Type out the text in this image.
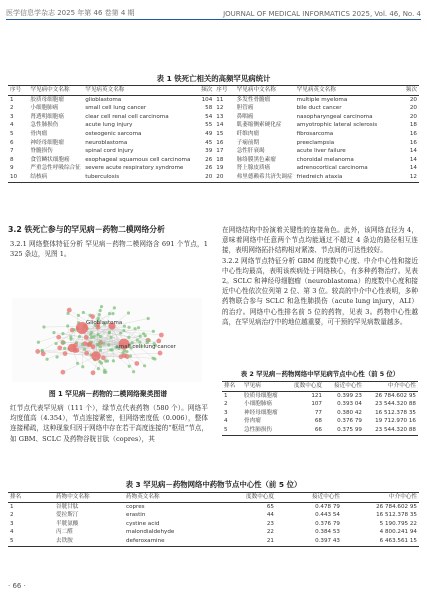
医学信息学杂志 2025 年第 46 卷第 4 期	JOURNAL OF MEDICAL INFORMATICS 2025, Vol. 46, No. 4
表 1 铁死亡相关的高频罕见病统计
序号	罕见病中文名称	罕见病英文名称	频次	序号	罕见病中文名称	罕见病英文名称	频次
1	胶质母细胞瘤	glioblastoma	104	11	多发性骨髓瘤	multiple myeloma	20
2	小细胞肺癌	small cell lung cancer	58	12	胆管癌	bile duct cancer	20
3	肾透明细胞癌	clear cell renal cell carcinoma	54	13	鼻咽癌	nasopharyngeal carcinoma	20
4	急性肺损伤	acute lung injury	55	14	肌萎缩侧索硬化症	amyotrophic lateral sclerosis	18
5	骨肉瘤	osteogenic sarcoma	49	15	纤维肉瘤	fibrosarcoma	16
6	神经母细胞瘤	neuroblastoma	45	16	子痫前期	preeclampsia	16
7	脊髓损伤	spinal cord injury	39	17	急性肝衰竭	acute liver failure	14
8	食管鳞状细胞癌	esophageal squamous cell carcinoma	26	18	脉络膜黑色素瘤	choroidal melanoma	14
9	严重急性呼吸综合征	severe acute respiratory syndrome	26	19	肾上腺皮质癌	adrenocortical carcinoma	14
10	结核病	tuberculosis	20	20	弗里德赖希共济失调症	friedreich ataxia	12
3.2 铁死亡参与的罕见病－药物二模网络分析
3.2.1 网络整体特征分析 罕见病－药物二模网络含 691 个节点，1 325 条边，见图 1。
Glioblastoma
small cell lung cancer
图 1 罕见病－药物的二模网络聚类图谱
红节点代表罕见病（111 个），绿节点代表药物（580 个）。网络平均度值高（4.354），节点连接紧密，但网络密度低（0.006），整体连接稀疏，这种现象归因于网络中存在若干高度连接的“枢纽”节点，如 GBM、SCLC 及药物谷胱甘肽（copres），其
在网络结构中扮演着关键性的连接角色。此外，该网络直径为 4，意味着网络中任意两个节点均能通过不超过 4 条边的路径相互连接，表明网络拓扑结构相对紧凑、节点间的可达性较好。
3.2.2 网络节点特征分析 GBM 的度数中心度、中介中心性和接近中心性均最高，表明该疾病处于网络核心，有多种药物治疗。见表 2。SCLC 和神经母细胞瘤（neuroblastoma）的度数中心度和接近中心性依次位列第 2 位、第 3 位。较高的中介中心性表明，多种药物联合参与 SCLC 和急性肺损伤（acute lung injury，ALI）的治疗。网络中心性排名前 5 位的药物，见表 3。药物中心性越高，在罕见病治疗中的地位越重要，可干预的罕见病数量越多。
表 2 罕见病－药物网络中罕见病节点中心性（前 5 位）
排名	罕见病	度数中心度	接近中心性	中介中心性
1	胶质母细胞瘤	121	0.399 23	26 784.602 95
2	小细胞肺癌	107	0.393 04	23 544.320 88
3	神经母细胞瘤	77	0.380 42	16 512.378 35
4	骨肉瘤	68	0.376 79	19 712.970 16
5	急性肺损伤	66	0.375 99	23 544.320 88
表 3 罕见病－药物网络中药物节点中心性（前 5 位）
排名	药物中文名称	药物英文名称	度数中心度	接近中心性	中介中心性
1	谷胱甘肽	copres	65	0.478 79	26 784.602 95
2	爱拉斯汀	erastin	44	0.443 54	16 512.378 35
3	半胱氨酸	cystine acid	23	0.376 79	5 190.795 22
4	丙二醛	malondialdehyde	22	0.384 53	4 800.241 94
5	去铁胺	deferoxamine	21	0.397 43	6 463.561 15
· 66 ·
